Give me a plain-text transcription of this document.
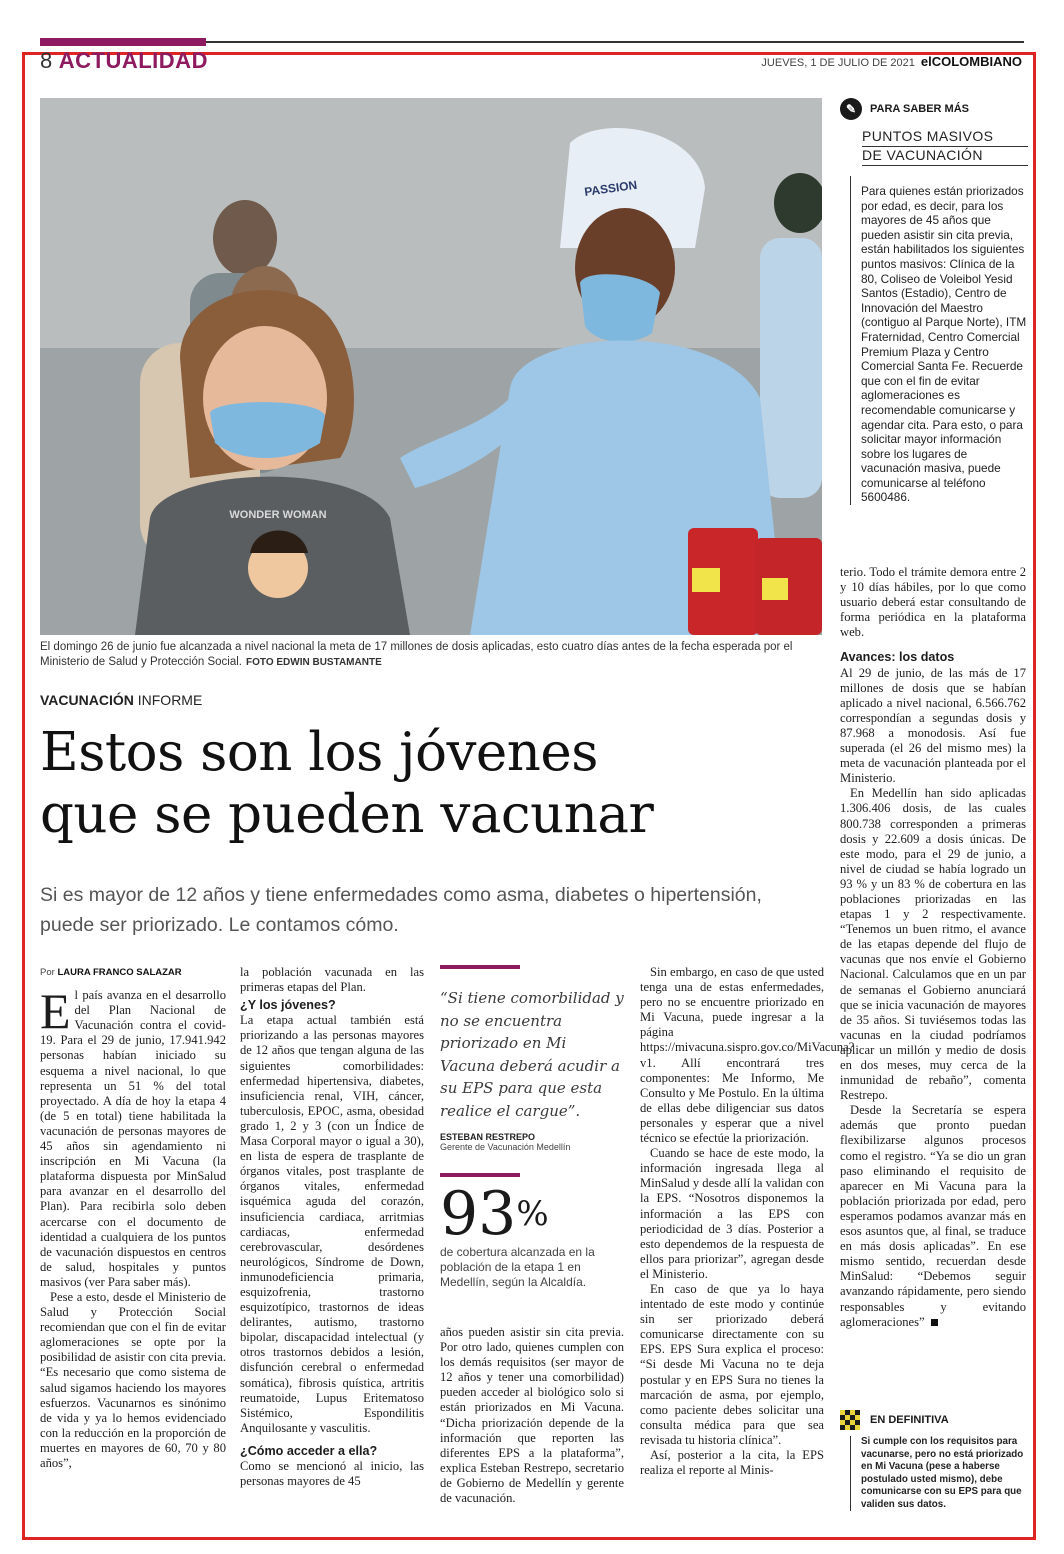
8 ACTUALIDAD	JUEVES, 1 DE JULIO DE 2021 elCOLOMBIANO
WONDER WOMAN
PASSION
El domingo 26 de junio fue alcanzada a nivel nacional la meta de 17 millones de dosis aplicadas, esto cuatro días antes de la fecha esperada por el Ministerio de Salud y Protección Social. FOTO EDWIN BUSTAMANTE
✎	PARA SABER MÁS
PUNTOS MASIVOS
DE VACUNACIÓN
Para quienes están priorizados por edad, es decir, para los mayores de 45 años que pueden asistir sin cita previa, están habilitados los siguientes puntos masivos: Clínica de la 80, Coliseo de Voleibol Yesid Santos (Estadio), Centro de Innovación del Maestro (contiguo al Parque Norte), ITM Fraternidad, Centro Comercial Premium Plaza y Centro Comercial Santa Fe. Recuerde que con el fin de evitar aglomeraciones es recomendable comunicarse y agendar cita. Para esto, o para solicitar mayor información sobre los lugares de vacunación masiva, puede comunicarse al teléfono 5600486.
VACUNACIÓN INFORME
Estos son los jóvenes
que se pueden vacunar
Si es mayor de 12 años y tiene enfermedades como asma, diabetes o hipertensión, puede ser priorizado. Le contamos cómo.
Por LAURA FRANCO SALAZAR

El país avanza en el desarrollo del Plan Nacional de Vacunación contra el covid-19. Para el 29 de junio, 17.941.942 personas habían iniciado su esquema a nivel nacional, lo que representa un 51 % del total proyectado. A día de hoy la etapa 4 (de 5 en total) tiene habilitada la vacunación de personas mayores de 45 años sin agendamiento ni inscripción en Mi Vacuna (la plataforma dispuesta por MinSalud para avanzar en el desarrollo del Plan). Para recibirla solo deben acercarse con el documento de identidad a cualquiera de los puntos de vacunación dispuestos en centros de salud, hospitales y puntos masivos (ver Para saber más).

Pese a esto, desde el Ministerio de Salud y Protección Social recomiendan que con el fin de evitar aglomeraciones se opte por la posibilidad de asistir con cita previa. “Es necesario que como sistema de salud sigamos haciendo los mayores esfuerzos. Vacunarnos es sinónimo de vida y ya lo hemos evidenciado con la reducción en la proporción de muertes en mayores de 60, 70 y 80 años”,

la población vacunada en las primeras etapas del Plan.

¿Y los jóvenes?

La etapa actual también está priorizando a las personas mayores de 12 años que tengan alguna de las siguientes comorbilidades: enfermedad hipertensiva, diabetes, insuficiencia renal, VIH, cáncer, tuberculosis, EPOC, asma, obesidad grado 1, 2 y 3 (con un Índice de Masa Corporal mayor o igual a 30), en lista de espera de trasplante de órganos vitales, post trasplante de órganos vitales, enfermedad isquémica aguda del corazón, insuficiencia cardiaca, arritmias cardiacas, enfermedad cerebrovascular, desórdenes neurológicos, Síndrome de Down, inmunodeficiencia primaria, esquizofrenia, trastorno esquizotípico, trastornos de ideas delirantes, autismo, trastorno bipolar, discapacidad intelectual (y otros trastornos debidos a lesión, disfunción cerebral o enfermedad somática), fibrosis quística, artritis reumatoide, Lupus Eritematoso Sistémico, Espondilitis Anquilosante y vasculitis.

¿Cómo acceder a ella?

Como se mencionó al inicio, las personas mayores de 45

“Si tiene comorbilidad y no se encuentra priorizado en Mi Vacuna deberá acudir a su EPS para que esta realice el cargue”.
ESTEBAN RESTREPO
Gerente de Vacunación Medellín
93%
de cobertura alcanzada en la población de la etapa 1 en Medellín, según la Alcaldía.

años pueden asistir sin cita previa. Por otro lado, quienes cumplen con los demás requisitos (ser mayor de 12 años y tener una comorbilidad) pueden acceder al biológico solo si están priorizados en Mi Vacuna. “Dicha priorización depende de la información que reporten las diferentes EPS a la plataforma”, explica Esteban Restrepo, secretario de Gobierno de Medellín y gerente de vacunación.

Sin embargo, en caso de que usted tenga una de estas enfermedades, pero no se encuentre priorizado en Mi Vacuna, puede ingresar a la página https://mivacuna.sispro.gov.co/MiVacuna?v1. Allí encontrará tres componentes: Me Informo, Me Consulto y Me Postulo. En la última de ellas debe diligenciar sus datos personales y esperar que a nivel técnico se efectúe la priorización.

Cuando se hace de este modo, la información ingresada llega al MinSalud y desde allí la validan con la EPS. “Nosotros disponemos la información a las EPS con periodicidad de 3 días. Posterior a esto dependemos de la respuesta de ellos para priorizar”, agregan desde el Ministerio.

En caso de que ya lo haya intentado de este modo y continúe sin ser priorizado deberá comunicarse directamente con su EPS. EPS Sura explica el proceso: “Si desde Mi Vacuna no te deja postular y en EPS Sura no tienes la marcación de asma, por ejemplo, como paciente debes solicitar una consulta médica para que sea revisada tu historia clínica”.

Así, posterior a la cita, la EPS realiza el reporte al Minis-

terio. Todo el trámite demora entre 2 y 10 días hábiles, por lo que como usuario deberá estar consultando de forma periódica en la plataforma web.

Avances: los datos

Al 29 de junio, de las más de 17 millones de dosis que se habían aplicado a nivel nacional, 6.566.762 correspondían a segundas dosis y 87.968 a monodosis. Así fue superada (el 26 del mismo mes) la meta de vacunación planteada por el Ministerio.

En Medellín han sido aplicadas 1.306.406 dosis, de las cuales 800.738 corresponden a primeras dosis y 22.609 a dosis únicas. De este modo, para el 29 de junio, a nivel de ciudad se había logrado un 93 % y un 83 % de cobertura en las poblaciones priorizadas en las etapas 1 y 2 respectivamente. “Tenemos un buen ritmo, el avance de las etapas depende del flujo de vacunas que nos envíe el Gobierno Nacional. Calculamos que en un par de semanas el Gobierno anunciará que se inicia vacunación de mayores de 35 años. Si tuviésemos todas las vacunas en la ciudad podríamos aplicar un millón y medio de dosis en dos meses, muy cerca de la inmunidad de rebaño”, comenta Restrepo.

Desde la Secretaría se espera además que pronto puedan flexibilizarse algunos procesos como el registro. “Ya se dio un gran paso eliminando el requisito de aparecer en Mi Vacuna para la población priorizada por edad, pero esperamos podamos avanzar más en esos asuntos que, al final, se traduce en más dosis aplicadas”. En ese mismo sentido, recuerdan desde MinSalud: “Debemos seguir avanzando rápidamente, pero siendo responsables y evitando aglomeraciones”

EN DEFINITIVA
Si cumple con los requisitos para vacunarse, pero no está priorizado en Mi Vacuna (pese a haberse postulado usted mismo), debe comunicarse con su EPS para que validen sus datos.
